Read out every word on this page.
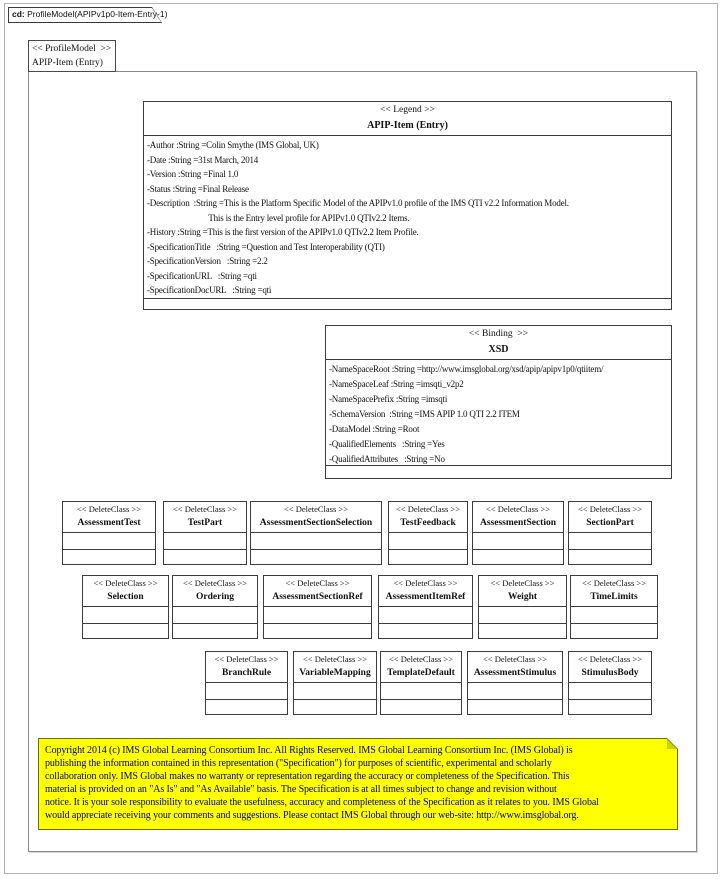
cd: ProfileModel(APIPv1p0-Item-Entry-1)
<< ProfileModel  >>
APIP-Item (Entry)
<< Legend >>
APIP-Item (Entry)
-Author :String =Colin Smythe (IMS Global, UK)
-Date :String =31st March, 2014
-Version :String =Final 1.0
-Status :String =Final Release
-Description  :String =This is the Platform Specific Model of the APIPv1.0 profile of the IMS QTI v2.2 Information Model.
This is the Entry level profile for APIPv1.0 QTIv2.2 Items.
-History :String =This is the first version of the APIPv1.0 QTIv2.2 Item Profile.
-SpecificationTitle   :String =Question and Test Interoperability (QTI)
-SpecificationVersion   :String =2.2
-SpecificationURL   :String =qti
-SpecificationDocURL   :String =qti
<< Binding  >>
XSD
-NameSpaceRoot :String =http://www.imsglobal.org/xsd/apip/apipv1p0/qtiitem/
-NameSpaceLeaf :String =imsqti_v2p2
-NameSpacePrefix :String =imsqti
-SchemaVersion  :String =IMS APIP 1.0 QTI 2.2 ITEM
-DataModel :String =Root
-QualifiedElements   :String =Yes
-QualifiedAttributes   :String =No
<< DeleteClass >>
AssessmentTest
<< DeleteClass >>
TestPart
<< DeleteClass >>
AssessmentSectionSelection
<< DeleteClass >>
TestFeedback
<< DeleteClass >>
AssessmentSection
<< DeleteClass >>
SectionPart
<< DeleteClass >>
Selection
<< DeleteClass >>
Ordering
<< DeleteClass >>
AssessmentSectionRef
<< DeleteClass >>
AssessmentItemRef
<< DeleteClass >>
Weight
<< DeleteClass >>
TimeLimits
<< DeleteClass >>
BranchRule
<< DeleteClass >>
VariableMapping
<< DeleteClass >>
TemplateDefault
<< DeleteClass >>
AssessmentStimulus
<< DeleteClass >>
StimulusBody
Copyright 2014 (c) IMS Global Learning Consortium Inc. All Rights Reserved. IMS Global Learning Consortium Inc. (IMS Global) is
publishing the information contained in this representation ("Specification") for purposes of scientific, experimental and scholarly
collaboration only. IMS Global makes no warranty or representation regarding the accuracy or completeness of the Specification. This
material is provided on an "As Is" and "As Available" basis. The Specification is at all times subject to change and revision without
notice. It is your sole responsibility to evaluate the usefulness, accuracy and completeness of the Specification as it relates to you. IMS Global
would appreciate receiving your comments and suggestions. Please contact IMS Global through our web-site: http://www.imsglobal.org.
